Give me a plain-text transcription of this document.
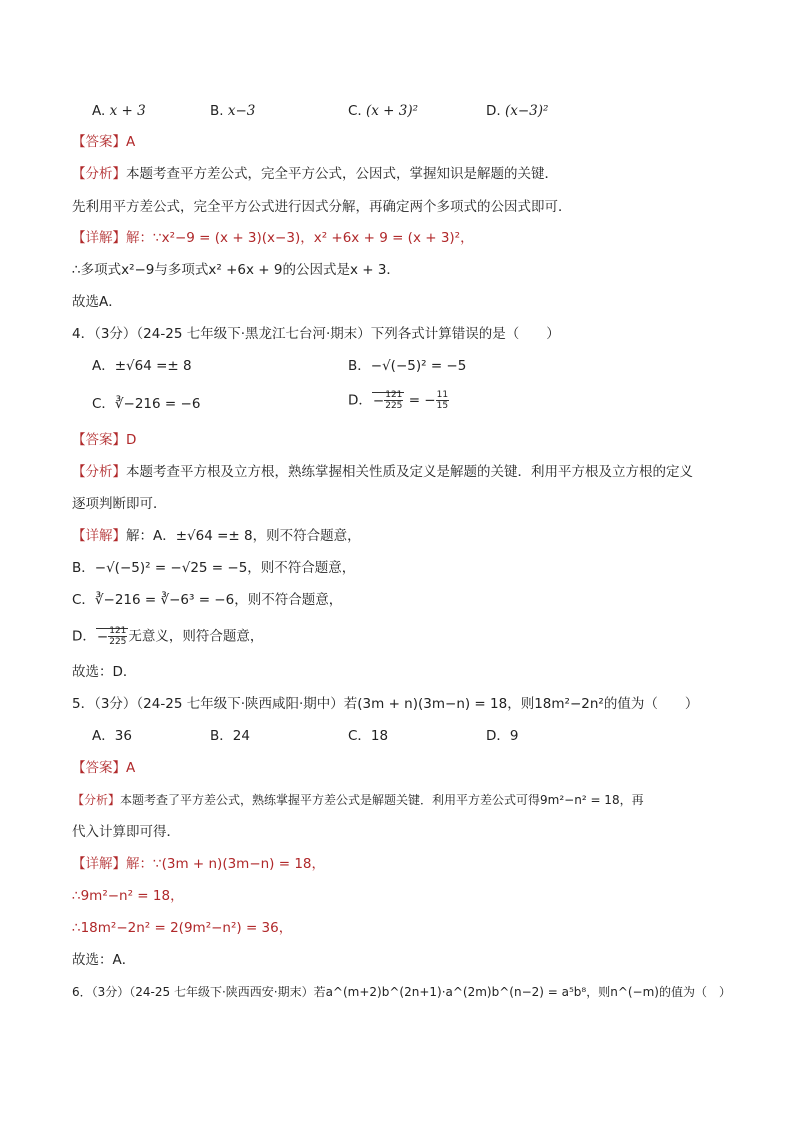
A. x + 3	B. x−3	C. (x + 3)²	D. (x−3)²
【答案】A
【分析】本题考查平方差公式，完全平方公式，公因式，掌握知识是解题的关键．
先利用平方差公式，完全平方公式进行因式分解，再确定两个多项式的公因式即可．
【详解】解：∵x²−9 = (x + 3)(x−3)，x² +6x + 9 = (x + 3)²，
∴多项式x²−9与多项式x² +6x + 9的公因式是x + 3．
故选A．
4．（3分）（24-25 七年级下·黑龙江七台河·期末）下列各式计算错误的是（　　）
A．±√64 =± 8	B．−√(−5)² = −5
C．∛−216 = −6	D．− $\frac{121}{225}$ = − $\frac{11}{15}$
【答案】D
【分析】本题考查平方根及立方根，熟练掌握相关性质及定义是解题的关键．利用平方根及立方根的定义
逐项判断即可．
【详解】解：A．±√64 =± 8，则不符合题意，
B．−√(−5)² = −√25 = −5，则不符合题意，
C．∛−216 = ∛−6³ = −6，则不符合题意，
D．− $\frac{121}{225}$ 无意义，则符合题意，
故选：D．
5．（3分）（24-25 七年级下·陕西咸阳·期中）若(3m + n)(3m−n) = 18，则18m²−2n²的值为（　　）
A．36	B．24	C．18	D．9
【答案】A
【分析】本题考查了平方差公式，熟练掌握平方差公式是解题关键．利用平方差公式可得9m²−n² = 18，再
代入计算即可得．
【详解】解：∵(3m + n)(3m−n) = 18，
∴9m²−n² = 18，
∴18m²−2n² = 2(9m²−n²) = 36，
故选：A．
6．（3分）（24-25 七年级下·陕西西安·期末）若a^(m+2)b^(2n+1)·a^(2m)b^(n−2) = a⁵b⁸，则n^(−m)的值为（　）
